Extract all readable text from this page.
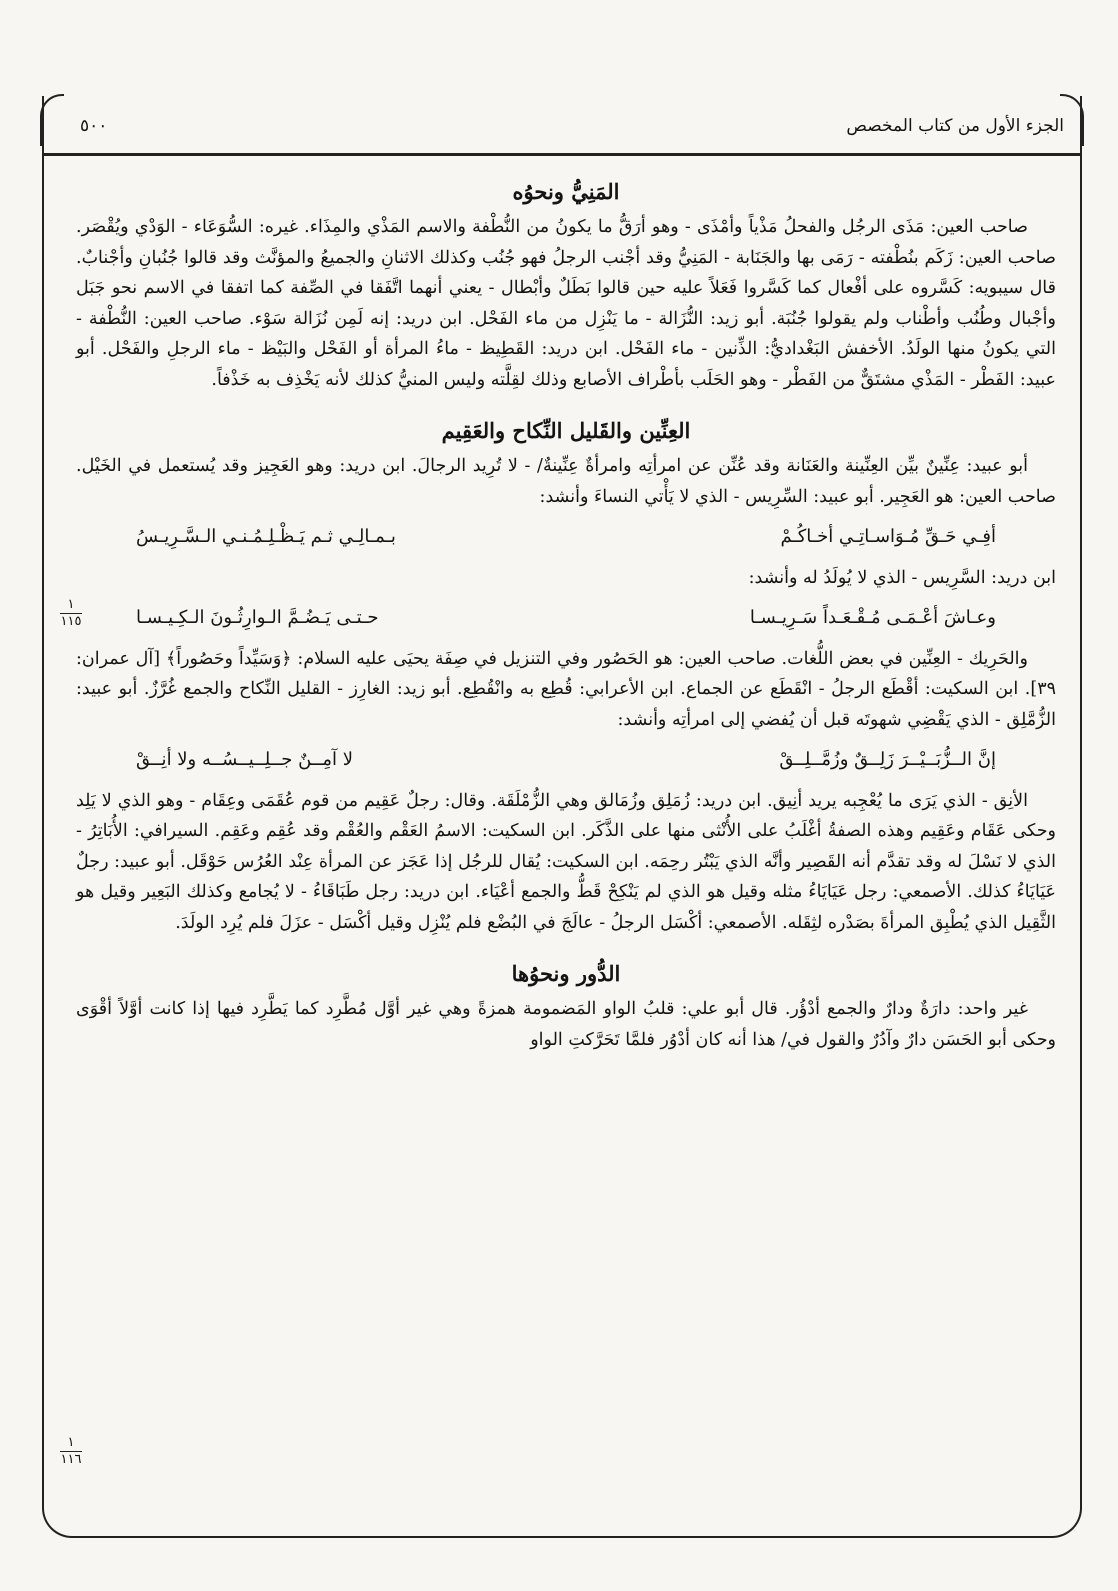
الجزء الأول من كتاب المخصص
٥٠٠
١
١١٥
١
١١٦
المَنِيُّ ونحوُه

صاحب العين: مَذَى الرجُل والفحلُ مَذْياً وأمْذَى - وهو أرَقُّ ما يكونُ من النُّطْفة والاسم المَذْي والمِذَاء. غيره: السُّوَعَاء - الوَدْي ويُقْصَر. صاحب العين: زَكَم بنُطْفته - رَمَى بها والجَنَابة - المَنِيُّ وقد أجْنب الرجلُ فهو جُنُب وكذلك الاثنانِ والجميعُ والمؤنَّث وقد قالوا جُنُبانِ وأجْنابٌ. قال سيبويه: كَسَّروه على أفْعال كما كَسَّروا فَعَلاً عليه حين قالوا بَطَلٌ وأبْطال - يعني أنهما اتَّفَقا في الصِّفة كما اتفقا في الاسم نحو جَبَل وأجْبال وطُنُب وأطْناب ولم يقولوا جُنُبَة. أبو زيد: النُّزَالة - ما يَنْزِل من ماء الفَحْل. ابن دريد: إنه لَمِن نُزَالة سَوْء. صاحب العين: النُّطْفة - التي يكونُ منها الولَدُ. الأخفش البَغْداديُّ: الذِّنين - ماء الفَحْل. ابن دريد: القَطِيظ - ماءُ المرأة أو الفَحْل والبَيْظ - ماء الرجلِ والفَحْل. أبو عبيد: الفَطْر - المَذْي مشتَقٌّ من الفَطْر - وهو الحَلَب بأطْراف الأصابع وذلك لقِلَّته وليس المنيُّ كذلك لأنه يَخْذِف به خَذْفاً.

العِنِّين والقَليل النِّكاح والعَقِيم

أبو عبيد: عِنِّينٌ بيِّن العِنِّينة والعَنَانة وقد عُنِّن عن امرأتِه وامرأةٌ عِنِّينةٌ/ - لا تُرِيد الرجالَ. ابن دريد: وهو العَجِيز وقد يُستعمل في الخَيْل. صاحب العين: هو العَجِير. أبو عبيد: السِّرِيس - الذي لا يَأْتي النساءَ وأنشد:

أفِـي حَـقِّ مُـوَاسـاتِـي أخـاكُـمْ
بـمـالِـي ثـم يَـظْـلِـمُـنـي الـسَّـرِيـسُ

ابن دريد: السَّرِيس - الذي لا يُولَدُ له وأنشد:

وعـاشَ أعْـمَـى مُـقْـعَـداً سَـرِيـسـا
حـتـى يَـضُـمَّ الـوارِثُـونَ الـكِـيـسـا

والحَرِيك - العِنِّين في بعض اللُّغات. صاحب العين: هو الحَصُور وفي التنزيل في صِفَة يحيَى عليه السلام: ﴿وَسَيِّداً وحَصُوراً﴾ [آل عمران: ٣٩]. ابن السكيت: أقْطَع الرجلُ - انْقَطَع عن الجماع. ابن الأعرابي: قُطِع به وانْقُطِع. أبو زيد: الغارِز - القليل النِّكاح والجمع غُرَّزٌ. أبو عبيد: الزُّمَّلِق - الذي يَقْضِي شهوتَه قبل أن يُفضي إلى امرأتِه وأنشد:

إنَّ الــزُّبَــيْــرَ زَلِــقٌ وزُمَّــلِــقْ
لا آمِــنٌ جــلِــيــسُــه ولا أنِــقْ

الأنِق - الذي يَرَى ما يُعْجِبه يريد أنِيق. ابن دريد: زُمَلِق وزُمَالق وهي الزُّمْلَقَة. وقال: رجلٌ عَقِيم من قوم عُقَمَى وعِقَام - وهو الذي لا يَلِد وحكى عَقَام وعَقِيم وهذه الصفةُ أغْلَبُ على الأُنْثى منها على الذَّكَر. ابن السكيت: الاسمُ العَقْم والعُقْم وقد عُقِم وعَقِم. السيرافي: الأُبَاتِرُ - الذي لا نَسْلَ له وقد تقدَّم أنه القَصِير وأنَّه الذي يَبْتُر رحِمَه. ابن السكيت: يُقال للرجُل إذا عَجَز عن المرأة عِنْد العُرُس حَوْقَل. أبو عبيد: رجلٌ عَيَايَاءُ كذلك. الأصمعي: رجل عَيَايَاءُ مثله وقيل هو الذي لم يَنْكِحْ قَطُّ والجمع أعْيَاء. ابن دريد: رجل طَبَاقَاءُ - لا يُجامع وكذلك البَعِير وقيل هو الثَّقِيل الذي يُطْبِق المرأةَ بصَدْره لثِقَله. الأصمعي: أكْسَل الرجلُ - عالَجَ في البُضْع فلم يُنْزِل وقيل أكْسَل - عزَلَ فلم يُرِد الولَدَ.

الدُّور ونحوُها

غير واحد: دارَةٌ ودارٌ والجمع أدْؤُر. قال أبو علي: قلبُ الواو المَضمومة همزةً وهي غير أوَّل مُطَّرِد كما يَطَّرِد فيها إذا كانت أوَّلاً أقْوَى وحكى أبو الحَسَن دارٌ وآدُرٌ والقول في/ هذا أنه كان أدْوُر فلمَّا تَحَرَّكتِ الواو
